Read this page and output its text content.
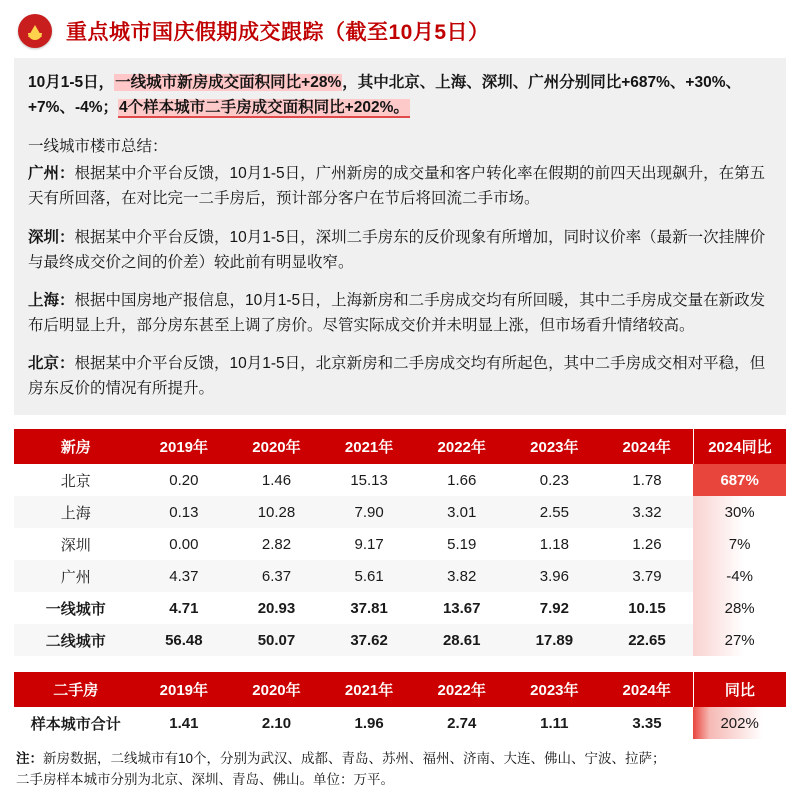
重点城市国庆假期成交跟踪（截至10月5日）

10月1-5日，一线城市新房成交面积同比+28%，其中北京、上海、深圳、广州分别同比+687%、+30%、+7%、-4%；4个样本城市二手房成交面积同比+202%。

一线城市楼市总结：

广州：根据某中介平台反馈，10月1-5日，广州新房的成交量和客户转化率在假期的前四天出现飙升，在第五天有所回落，在对比完一二手房后，预计部分客户在节后将回流二手市场。

深圳：根据某中介平台反馈，10月1-5日，深圳二手房东的反价现象有所增加，同时议价率（最新一次挂牌价与最终成交价之间的价差）较此前有明显收窄。

上海：根据中国房地产报信息，10月1-5日，上海新房和二手房成交均有所回暖，其中二手房成交量在新政发布后明显上升，部分房东甚至上调了房价。尽管实际成交价并未明显上涨，但市场看升情绪较高。

北京：根据某中介平台反馈，10月1-5日，北京新房和二手房成交均有所起色，其中二手房成交相对平稳，但房东反价的情况有所提升。

新房	2019年	2020年	2021年	2022年	2023年	2024年	2024同比
北京	0.20	1.46	15.13	1.66	0.23	1.78	687%
上海	0.13	10.28	7.90	3.01	2.55	3.32	30%
深圳	0.00	2.82	9.17	5.19	1.18	1.26	7%
广州	4.37	6.37	5.61	3.82	3.96	3.79	-4%
一线城市	4.71	20.93	37.81	13.67	7.92	10.15	28%
二线城市	56.48	50.07	37.62	28.61	17.89	22.65	27%
二手房	2019年	2020年	2021年	2022年	2023年	2024年	同比
样本城市合计	1.41	2.10	1.96	2.74	1.11	3.35	202%
注：新房数据，二线城市有10个，分别为武汉、成都、青岛、苏州、福州、济南、大连、佛山、宁波、拉萨；
二手房样本城市分别为北京、深圳、青岛、佛山。单位：万平。
